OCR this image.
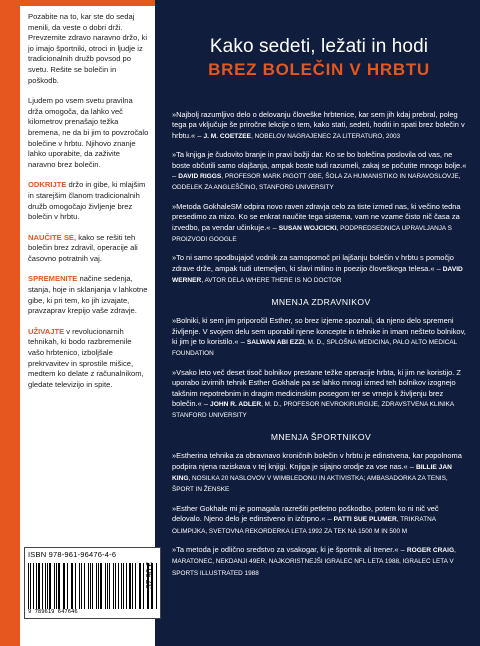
Pozabite na to, kar ste do sedaj menili, da veste o dobri drži. Prevzemite zdravo naravno držo, ki jo imajo športniki, otroci in ljudje iz tradicionalnih družb povsod po svetu. Rešite se bolečin in poškodb.

Ljudem po vsem svetu pravilna drža omogoča, da lahko več kilometrov prenašajo težka bremena, ne da bi jim to povzročalo bolečine v hrbtu. Njihovo znanje lahko uporabite, da zaživite naravno brez bolečin.

ODKRIJTE držo in gibe, ki mlajšim in starejšim članom tradicionalnih družb omogočajo življenje brez bolečin v hrbtu.

NAUČITE SE, kako se rešiti teh bolečin brez zdravil, operacije ali časovno potratnih vaj.

SPREMENITE načine sedenja, stanja, hoje in sklanjanja v lahkotne gibe, ki pri tem, ko jih izvajate, pravzaprav krepijo vaše zdravje.

UŽIVAJTE v revolucionarnih tehnikah, ki bodo razbremenile vašo hrbtenico, izboljšale prekrvavitev in sprostile mišice, medtem ko delate z računalnikom, gledate televizijo in spite.

ISBN 978-961-96476-4-6
9 789619 647646
37,90 €
Kako sedeti, ležati in hodi
BREZ BOLEČIN V HRBTU

»Najbolj razumljivo delo o delovanju človeške hrbtenice, kar sem jih kdaj prebral, poleg tega pa vključuje še priročne lekcije o tem, kako stati, sedeti, hoditi in spati brez bolečin v hrbtu.« – J. M. COETZEE, NOBELOV NAGRAJENEC ZA LITERATURO, 2003

»Ta knjiga je čudovito branje in pravi božji dar. Ko se bo bolečina poslovila od vas, ne boste občutili samo olajšanja, ampak boste tudi razumeli, zakaj se počutite mnogo bolje.« – DAVID RIGGS, PROFESOR MARK PIGOTT OBE, ŠOLA ZA HUMANISTIKO IN NARAVOSLOVJE, ODDELEK ZA ANGLEŠČINO, STANFORD UNIVERSITY

»Metoda GokhaleSM odpira novo raven zdravja celo za tiste izmed nas, ki večino tedna presedimo za mizo. Ko se enkrat naučite tega sistema, vam ne vzame čisto nič časa za izvedbo, pa vendar učinkuje.« – SUSAN WOJCICKI, PODPREDSEDNICA UPRAVLJANJA S PROIZVODI GOOGLE

»To ni samo spodbujajoč vodnik za samopomoč pri lajšanju bolečin v hrbtu s pomočjo zdrave drže, ampak tudi utemeljen, ki slavi milino in poezijo človeškega telesa.« – DAVID WERNER, AVTOR DELA WHERE THERE IS NO DOCTOR

MNENJA ZDRAVNIKOV

»Bolniki, ki sem jim priporočil Esther, so brez izjeme spoznali, da njeno delo spremeni življenje. V svojem delu sem uporabil njene koncepte in tehnike in imam nešteto bolnikov, ki jim je to koristilo.« – SALWAN ABI EZZI, M. D., SPLOŠNA MEDICINA, PALO ALTO MEDICAL FOUNDATION

»Vsako leto več deset tisoč bolnikov prestane težke operacije hrbta, ki jim ne koristijo. Z uporabo izvirnih tehnik Esther Gokhale pa se lahko mnogi izmed teh bolnikov izognejo takšnim nepotrebnim in dragim medicinskim posegom ter se vrnejo k življenju brez bolečin.« – JOHN R. ADLER, M. D., PROFESOR NEVROKIRURGIJE, ZDRAVSTVENA KLINIKA STANFORD UNIVERSITY

MNENJA ŠPORTNIKOV

»Estherina tehnika za obravnavo kroničnih bolečin v hrbtu je edinstvena, kar popolnoma podpira njena raziskava v tej knjigi. Knjiga je sijajno orodje za vse nas.« – BILLIE JAN KING, NOSILKA 20 NASLOVOV V WIMBLEDONU IN AKTIVISTKA; AMBASADORKA ZA TENIS, ŠPORT IN ŽENSKE

»Esther Gokhale mi je pomagala razrešiti petletno poškodbo, potem ko ni nič več delovalo. Njeno delo je edinstveno in izčrpno.« – PATTI SUE PLUMER, TRIKRATNA OLIMPIJKA, SVETOVNA REKORDERKA LETA 1992 ZA TEK NA 1500 M IN 500 M

»Ta metoda je odlično sredstvo za vsakogar, ki je športnik ali trener.« – ROGER CRAIG, MARATONEC, NEKDANJI 49ER, NAJKORISTNEJŠI IGRALEC NFL LETA 1988, IGRALEC LETA V SPORTS ILLUSTRATED 1988
